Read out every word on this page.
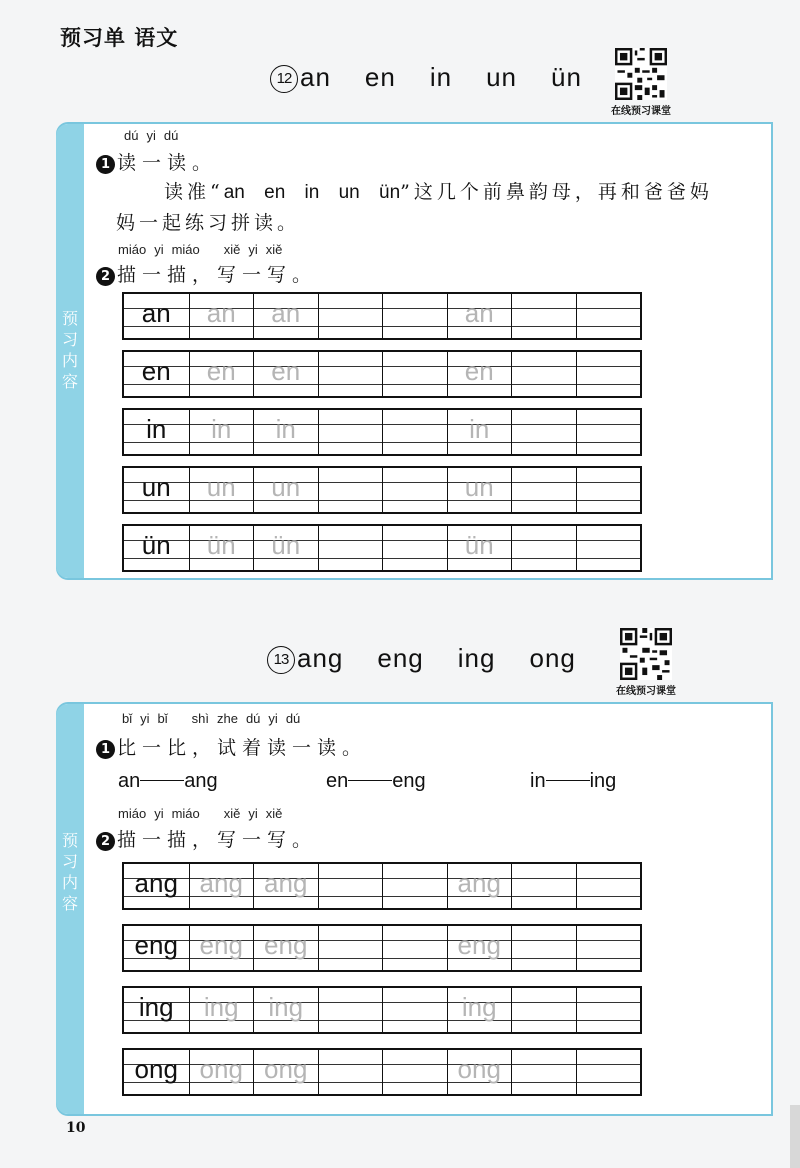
预习单 语文
12 an en in un ün
在线预习课堂
预
习
内
容
dú yi dú
1 读一读。
读准“an en in un ün”这几个前鼻韵母，再和爸爸妈
妈一起练习拼读。
miáo yi miáo xiě yi xiě
2 描一描，写一写。
an	an	an	an
en	en	en	en
in	in	in	in
un	un	un	un
ün	ün	ün	ün
13 ang eng ing ong
在线预习课堂
预
习
内
容
bǐ yi bǐ shì zhe dú yi dú
1 比一比，试着读一读。
an ang	en eng	in ing
miáo yi miáo xiě yi xiě
2 描一描，写一写。
ang ang ang	ang
eng eng eng	eng
ing	ing	ing	ing
ong ong ong	ong
10
